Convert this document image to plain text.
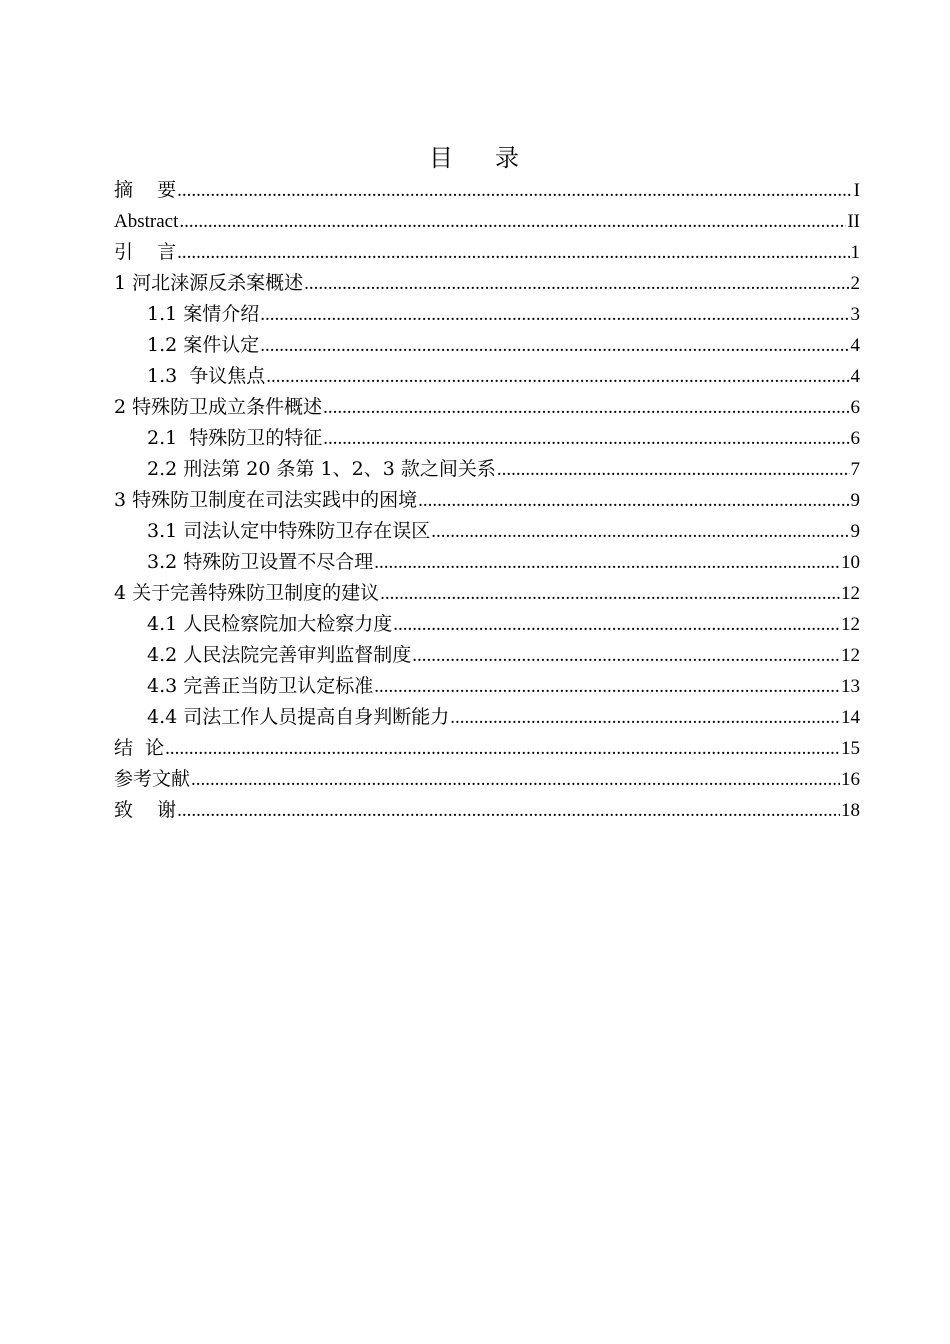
目 录
摘    要 .....	I
Abstract .....	II
引    言 .....	1
1 河北涞源反杀案概述 .....	2
1.1 案情介绍 .....	3
1.2 案件认定 .....	4
1.3  争议焦点 .....	4
2 特殊防卫成立条件概述 .....	6
2.1  特殊防卫的特征 .....	6
2.2 刑法第 20 条第 1、2、3 款之间关系 .....	7
3 特殊防卫制度在司法实践中的困境 .....	9
3.1 司法认定中特殊防卫存在误区 .....	9
3.2 特殊防卫设置不尽合理 .....	10
4 关于完善特殊防卫制度的建议 .....	12
4.1 人民检察院加大检察力度 .....	12
4.2 人民法院完善审判监督制度 .....	12
4.3 完善正当防卫认定标准 .....	13
4.4 司法工作人员提高自身判断能力 .....	14
结  论 .....	15
参考文献 .....	16
致    谢 .....	18
